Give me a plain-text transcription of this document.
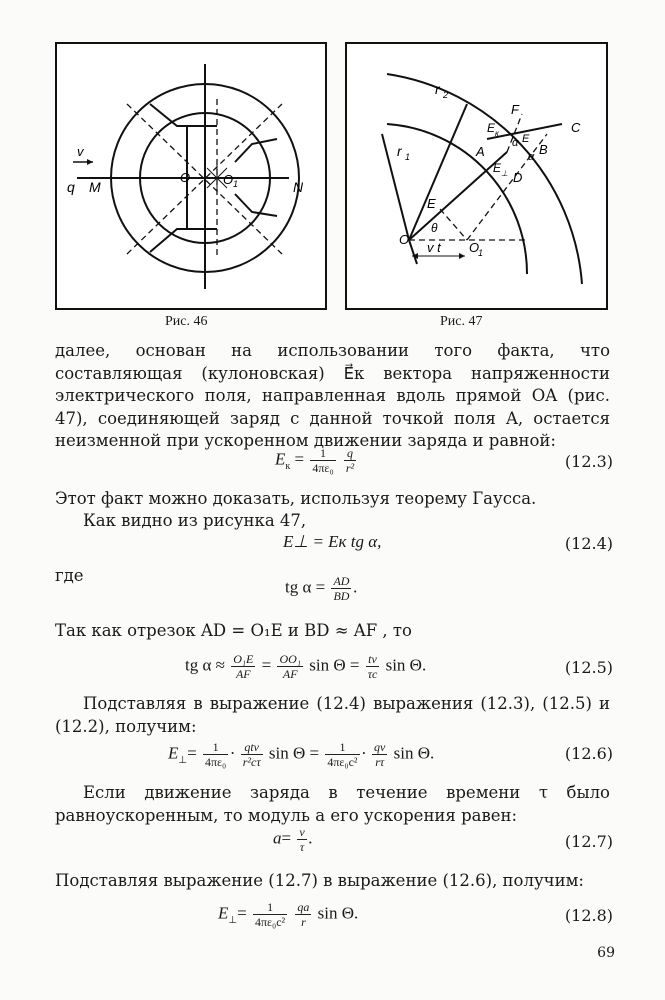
v
q M
O	O 1	N
Рис. 46
r 2
r 1
F
C
E к
α
α
E
A	B
E ⊥ D
E
θ
O
v t O
1
Рис. 47
далее, основан на использовании того факта, что составляющая (кулоновская) E⃗к вектора напряженности электрического поля, направленная вдоль прямой OA (рис. 47), соединяющей заряд с данной точкой поля A, остается неизменной при ускоренном движении заряда и равной:
$E_к = \frac{1}{\text{4πε₀}}$
$\frac{q}{\text{r²}}$	(12.3)
Этот факт можно доказать, используя теорему Гаусса.
Как видно из рисунка 47,
E⊥ = Eк tg α,	(12.4)
где
tg $\alpha = \frac{AD}{BD}$ .
Так как отрезок AD = O₁E и BD ≈ AF , то
tg $\alpha \approx \frac{\text{O₁E}}{AF} = \frac{\text{OO₁}}{AF}$ $\sin \Theta = \frac{tv}{\tau c}$ sin Θ.	(12.5)
Подставляя в выражение (12.4) выражения (12.3), (12.5) и (12.2), получим:
$E_\perp= \frac{1}{\text{4πε₀}}$ · qtv
r²cτ $\sin \Theta = \frac{1}{\text{4πε₀c²}} \cdot \frac{qv}{r\tau}$ sin Θ.	(12.6)
Если движение заряда в течение времени τ было равноускоренным, то модуль a его ускорения равен:
$a= \frac{v}{\tau}$ .	(12.7)
Подставляя выражение (12.7) в выражение (12.6), получим:
$E_\perp= \frac{1}{\text{4πε₀c²}}$
$\frac{qa}{r}$ sin Θ.	(12.8)
69
